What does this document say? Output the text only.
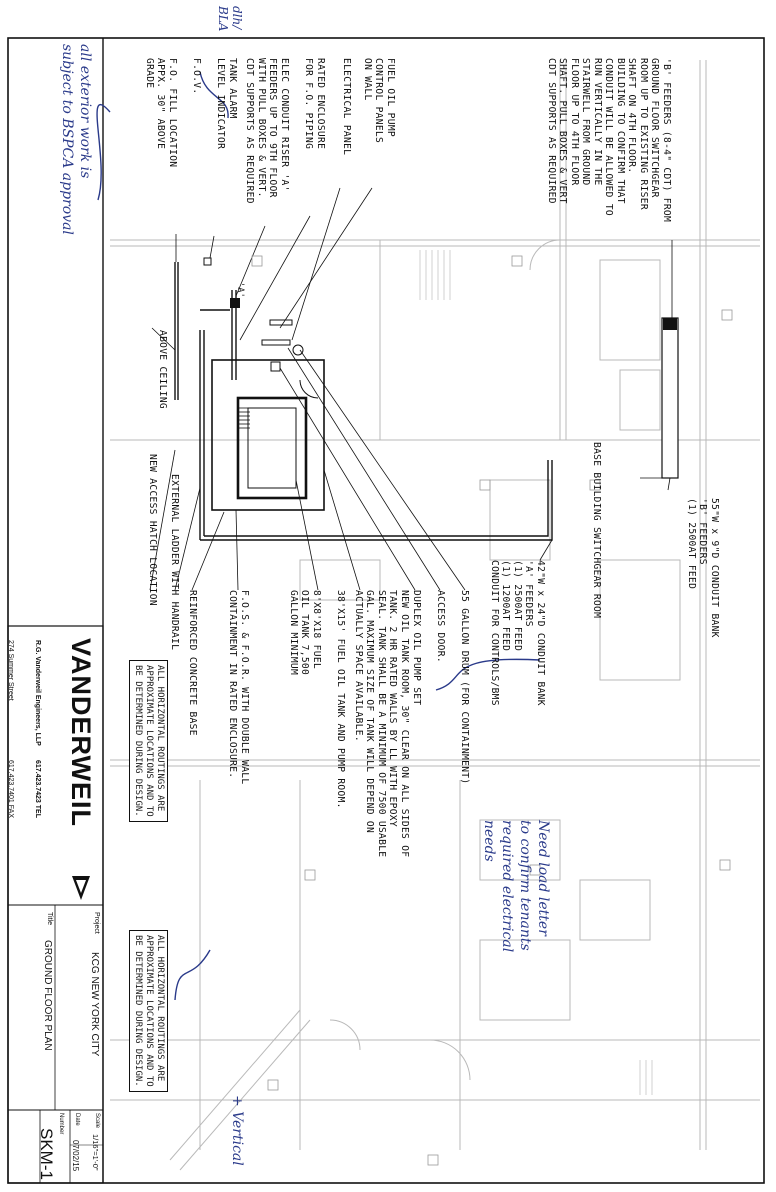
'B' FEEDERS (8-4" CDT) FROM
GROUND FLOOR SWITCHGEAR
ROOM UP TO EXISTING RISER
SHAFT ON 4TH FLOOR.
BUILDING TO CONFIRM THAT
CONDUIT WILL BE ALLOWED TO
RUN VERTICALLY IN THE
STAIRWELL FROM GROUND
FLOOR UP TO 4TH FLOOR
SHAFT. PULL BOXES & VERT
CDT SUPPORTS AS REQUIRED
FUEL OIL PUMP
CONTROL PANELS
ON WALL
ELECTRICAL PANEL
RATED ENCLOSURE
FOR F.O. PIPING
ELEC CONDUIT RISER 'A'
FEEDERS UP TO 9TH FLOOR
WITH PULL BOXES & VERT.
CDT SUPPORTS AS REQUIRED
TANK ALARM
LEVEL INDICATOR
F.O.V.
F.O. FILL LOCATION
APPX. 30" ABOVE
GRADE
ABOVE CEILING
'A'
55"W x 9"D CONDUIT BANK
'B' FEEDERS
(1) 2500AT FEED
BASE BUILDING SWITCHGEAR ROOM
42"W x 24"D CONDUIT BANK
'A' FEEDERS
(1) 2500AT FEED
(1) 1200AT FEED
CONDUIT FOR CONTROLS/BMS
55 GALLON DRUM (FOR CONTAINMENT)
ACCESS DOOR.
DUPLEX OIL PUMP SET
NEW OIL TANK ROOM, 30" CLEAR ON ALL SIDES OF
TANK. 2 HR RATED WALLS BY LL WITH EPOXY
SEAL. TANK SHALL BE A MINIMUM OF 7500 USABLE
GAL. MAXIMUM SIZE OF TANK WILL DEPEND ON
ACTUALLY SPACE AVAILABLE.
38'X15' FUEL OIL TANK AND PUMP ROOM.
8'X8'X18 FUEL
OIL TANK 7,500
GALLON MINIMUM
F.O.S. & F.O.R. WITH DOUBLE WALL
CONTAINMENT IN RATED ENCLOSURE.
REINFORCED CONCRETE BASE
EXTERNAL LADDER WITH HANDRAIL
NEW ACCESS HATCH LOCATION
ALL HORIZONTAL ROUTINGS ARE
APPROXIMATE LOCATIONS AND TO
BE DETERMINED DURING DESIGN.
ALL HORIZONTAL ROUTINGS ARE
APPROXIMATE LOCATIONS AND TO
BE DETERMINED DURING DESIGN.
all exterior work is
subject to BSPCA approval
dlh/
BLA
Need load letter
to confirm tenants
required electrical
needs
+ Vertical
VANDERWEIL

R.G. Vanderweil Engineers, LLP

274 Summer Street

617.423.7423 TEL

617.423.7401 FAX

Project
KCG NEW YORK CITY
Title
GROUND FLOOR PLAN
Scale
1/16"=1'-0"
Date
07/02/15
Number
SKM-1
